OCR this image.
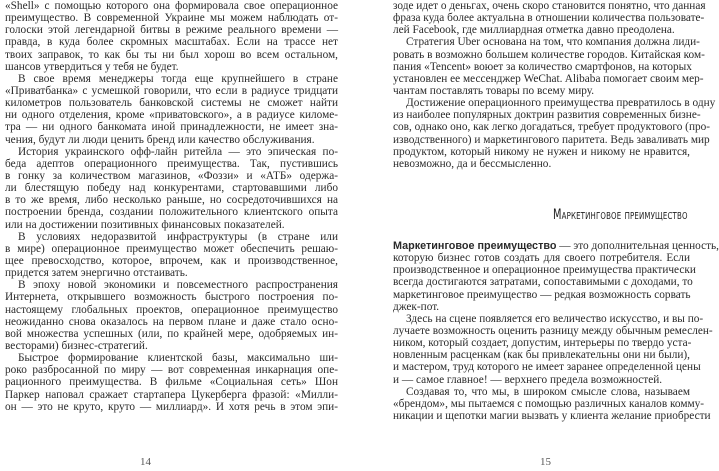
«Shell» с помощью которого она формировала свое операционное
преимущество. В современной Украине мы можем наблюдать от-
голоски этой легендарной битвы в режиме реального времени —
правда, в куда более скромных масштабах. Если на трассе нет
твоих заправок, то как бы ты ни был хорош во всем остальном,
шансов утвердиться у тебя не будет.
В свое время менеджеры тогда еще крупнейшего в стране
«Приватбанка» с усмешкой говорили, что если в радиусе тридцати
километров пользователь банковской системы не сможет найти
ни одного отделения, кроме «приватовского», а в радиусе киломе-
тра — ни одного банкомата иной принадлежности, не имеет зна-
чения, будут ли люди ценить бренд или качество обслуживания.
История украинского офф-лайн ритейла — это эпическая по-
беда адептов операционного преимущества. Так, пустившись
в гонку за количеством магазинов, «Фоззи» и «АТБ» одержа-
ли блестящую победу над конкурентами, стартовавшими либо
в то же время, либо несколько раньше, но сосредоточившихся на
построении бренда, создании положительного клиентского опыта
или на достижении позитивных финансовых показателей.
В условиях недоразвитой инфраструктуры (в стране или
в мире) операционное преимущество может обеспечить решаю-
щее превосходство, которое, впрочем, как и производственное,
придется затем энергично отстаивать.
В эпоху новой экономики и повсеместного распространения
Интернета, открывшего возможность быстрого построения по-
настоящему глобальных проектов, операционное преимущество
неожиданно снова оказалось на первом плане и даже стало осно-
вой множества успешных (или, по крайней мере, одобряемых ин-
весторами) бизнес-стратегий.
Быстрое формирование клиентской базы, максимально ши-
роко разбросанной по миру — вот современная инкарнация опе-
рационного преимущества. В фильме «Социальная сеть» Шон
Паркер наповал сражает стартапера Цукерберга фразой: «Милли-
он — это не круто, круто — миллиард». И хотя речь в этом эпи-
зоде идет о деньгах, очень скоро становится понятно, что данная
фраза куда более актуальна в отношении количества пользовате-
лей Facebook, где миллиардная отметка давно преодолена.
Стратегия Uber основана на том, что компания должна лиди-
ровать в возможно большем количестве городов. Китайская ком-
пания «Tencent» воюет за количество смартфонов, на которых
установлен ее мессенджер WeChat. Alibaba помогает своим мер-
чантам поставлять товары по всему миру.
Достижение операционного преимущества превратилось в одну
из наиболее популярных доктрин развития современных бизне-
сов, однако оно, как легко догадаться, требует продуктового (про-
изводственного) и маркетингового паритета. Ведь заваливать мир
продуктом, который никому не нужен и никому не нравится,
невозможно, да и бессмысленно.
Маркетинговое преимущество — это дополнительная ценность,
которую бизнес готов создать для своего потребителя. Если
производственное и операционное преимущества практически
всегда достигаются затратами, сопоставимыми с доходами, то
маркетинговое преимущество — редкая возможность сорвать
джек-пот.
Здесь на сцене появляется его величество искусство, и вы по-
лучаете возможность оценить разницу между обычным ремеслен-
ником, который создает, допустим, интерьеры по твердо уста-
новленным расценкам (как бы привлекательны они ни были),
и мастером, труд которого не имеет заранее определенной цены
и — самое главное! — верхнего предела возможностей.
Создавая то, что мы, в широком смысле слова, называем
«брендом», мы пытаемся с помощью различных каналов комму-
никации и щепотки магии вызвать у клиента желание приобрести
Маркетинговое преимущество
14	15
